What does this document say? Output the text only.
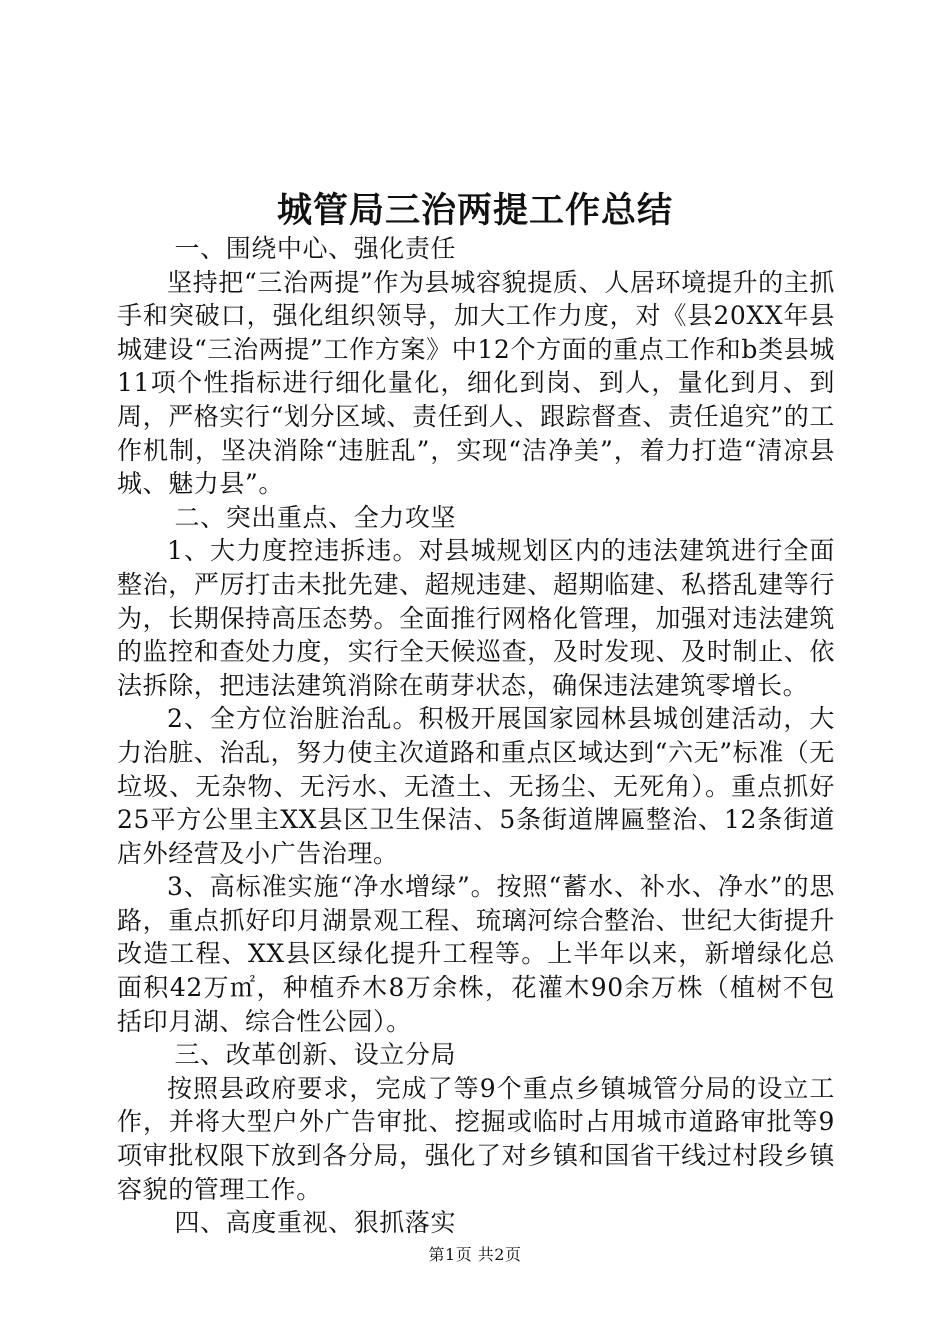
城管局三治两提工作总结

一、围绕中心、强化责任

坚持把“三治两提”作为县城容貌提质、人居环境提升的主抓手和突破口，强化组织领导，加大工作力度，对《县20XX年县城建设“三治两提”工作方案》中12个方面的重点工作和b类县城11项个性指标进行细化量化，细化到岗、到人，量化到月、到周，严格实行“划分区域、责任到人、跟踪督查、责任追究”的工作机制，坚决消除“违脏乱”，实现“洁净美”，着力打造“清凉县城、魅力县”。

二、突出重点、全力攻坚

1、大力度控违拆违。对县城规划区内的违法建筑进行全面整治，严厉打击未批先建、超规违建、超期临建、私搭乱建等行为，长期保持高压态势。全面推行网格化管理，加强对违法建筑的监控和查处力度，实行全天候巡查，及时发现、及时制止、依法拆除，把违法建筑消除在萌芽状态，确保违法建筑零增长。

2、全方位治脏治乱。积极开展国家园林县城创建活动，大力治脏、治乱，努力使主次道路和重点区域达到“六无”标准（无垃圾、无杂物、无污水、无渣土、无扬尘、无死角）。重点抓好25平方公里主XX县区卫生保洁、5条街道牌匾整治、12条街道店外经营及小广告治理。

3、高标准实施“净水增绿”。按照“蓄水、补水、净水”的思路，重点抓好印月湖景观工程、琉璃河综合整治、世纪大街提升改造工程、XX县区绿化提升工程等。上半年以来，新增绿化总面积42万㎡，种植乔木8万余株，花灌木90余万株（植树不包括印月湖、综合性公园）。

三、改革创新、设立分局

按照县政府要求，完成了等9个重点乡镇城管分局的设立工作，并将大型户外广告审批、挖掘或临时占用城市道路审批等9项审批权限下放到各分局，强化了对乡镇和国省干线过村段乡镇容貌的管理工作。

四、高度重视、狠抓落实

第1页 共2页
